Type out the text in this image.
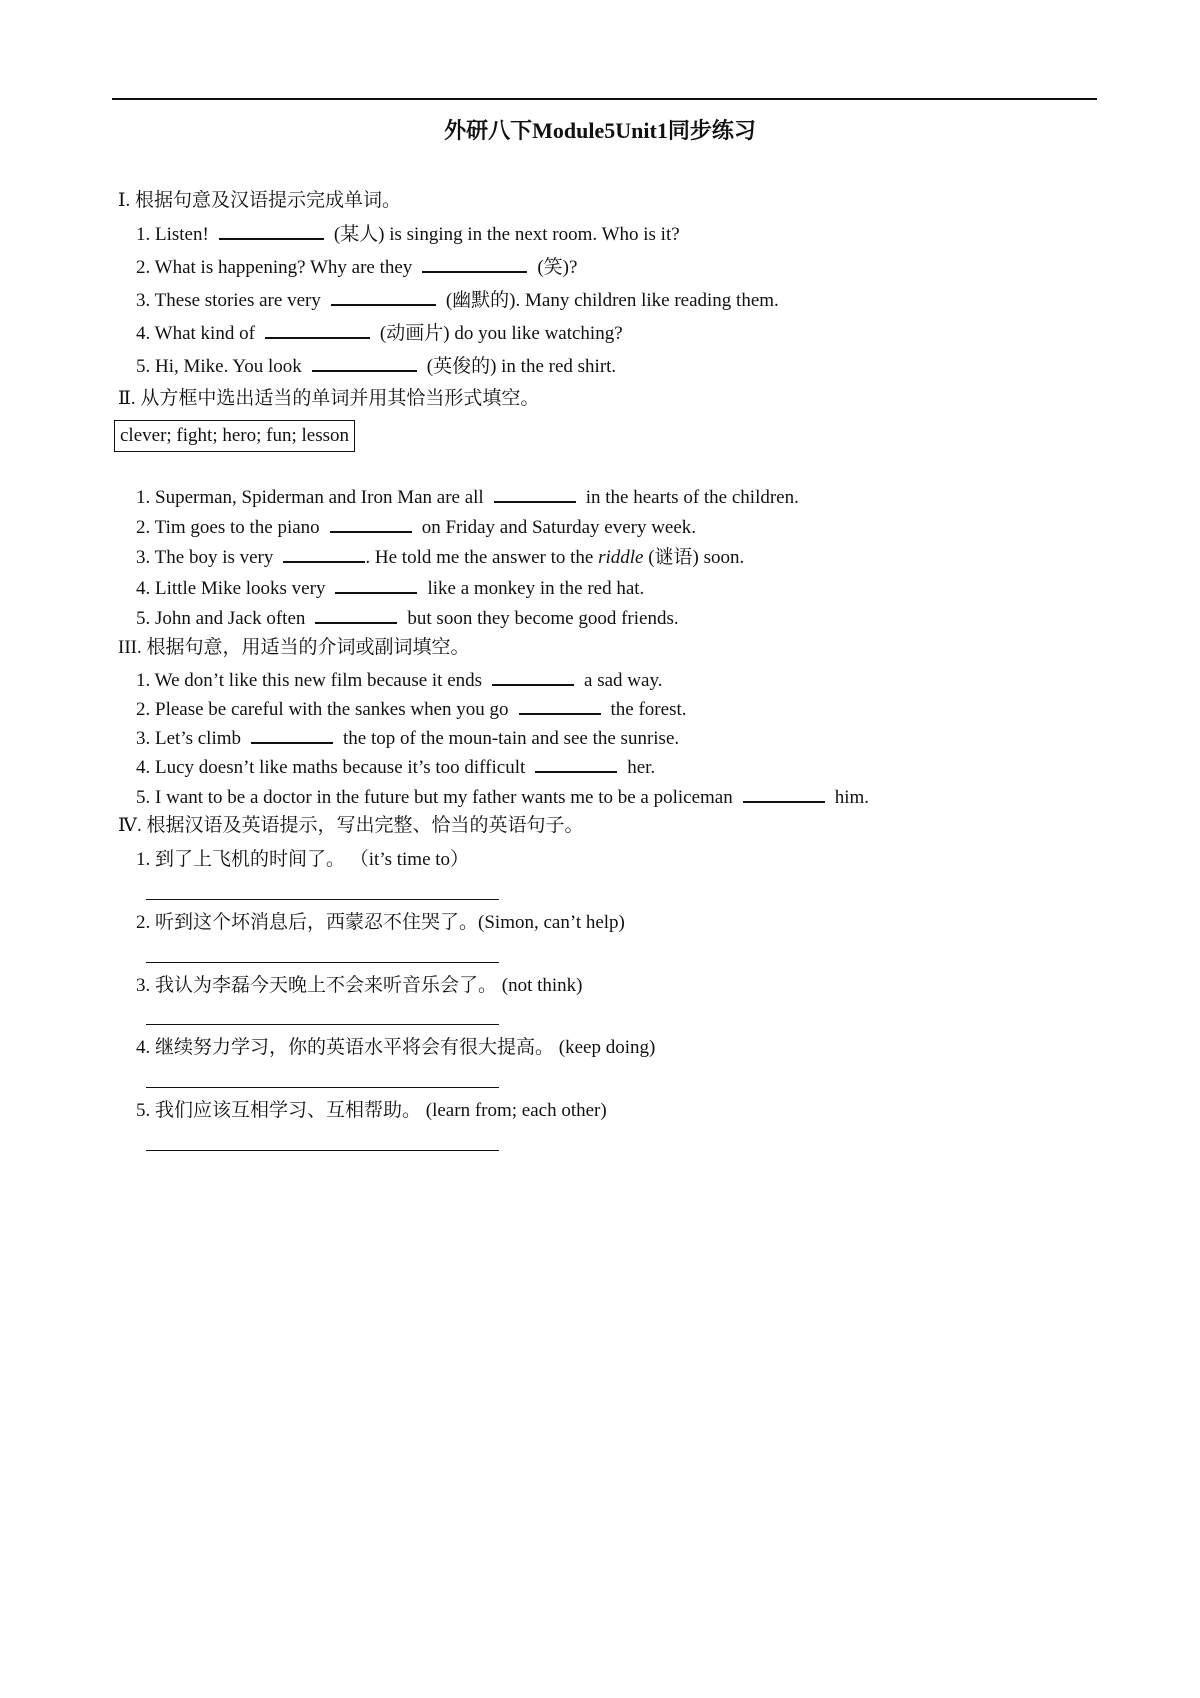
外研八下Module5Unit1同步练习
Ⅰ. 根据句意及汉语提示完成单词。
1. Listen!	(某人) is singing in the next room. Who is it?
2. What is happening? Why are they	(笑)?
3. These stories are very	(幽默的). Many children like reading them.
4. What kind of	(动画片) do you like watching?
5. Hi, Mike. You look	(英俊的) in the red shirt.
Ⅱ. 从方框中选出适当的单词并用其恰当形式填空。
clever; fight; hero; fun; lesson
1. Superman, Spiderman and Iron Man are all	in the hearts of the children.
2. Tim goes to the piano	on Friday and Saturday every week.
3. The boy is very	. He told me the answer to the riddle (谜语) soon.
4. Little Mike looks very	like a monkey in the red hat.
5. John and Jack often	but soon they become good friends.
III. 根据句意，用适当的介词或副词填空。
1. We don’t like this new film because it ends	a sad way.
2. Please be careful with the sankes when you go	the forest.
3. Let’s climb	the top of the moun-tain and see the sunrise.
4. Lucy doesn’t like maths because it’s too difficult	her.
5. I want to be a doctor in the future but my father wants me to be a policeman	him.
Ⅳ. 根据汉语及英语提示，写出完整、恰当的英语句子。
1. 到了上飞机的时间了。 （it’s time to）
2. 听到这个坏消息后，西蒙忍不住哭了。(Simon, can’t help)
3. 我认为李磊今天晚上不会来听音乐会了。 (not think)
4. 继续努力学习，你的英语水平将会有很大提高。 (keep doing)
5. 我们应该互相学习、互相帮助。 (learn from; each other)
